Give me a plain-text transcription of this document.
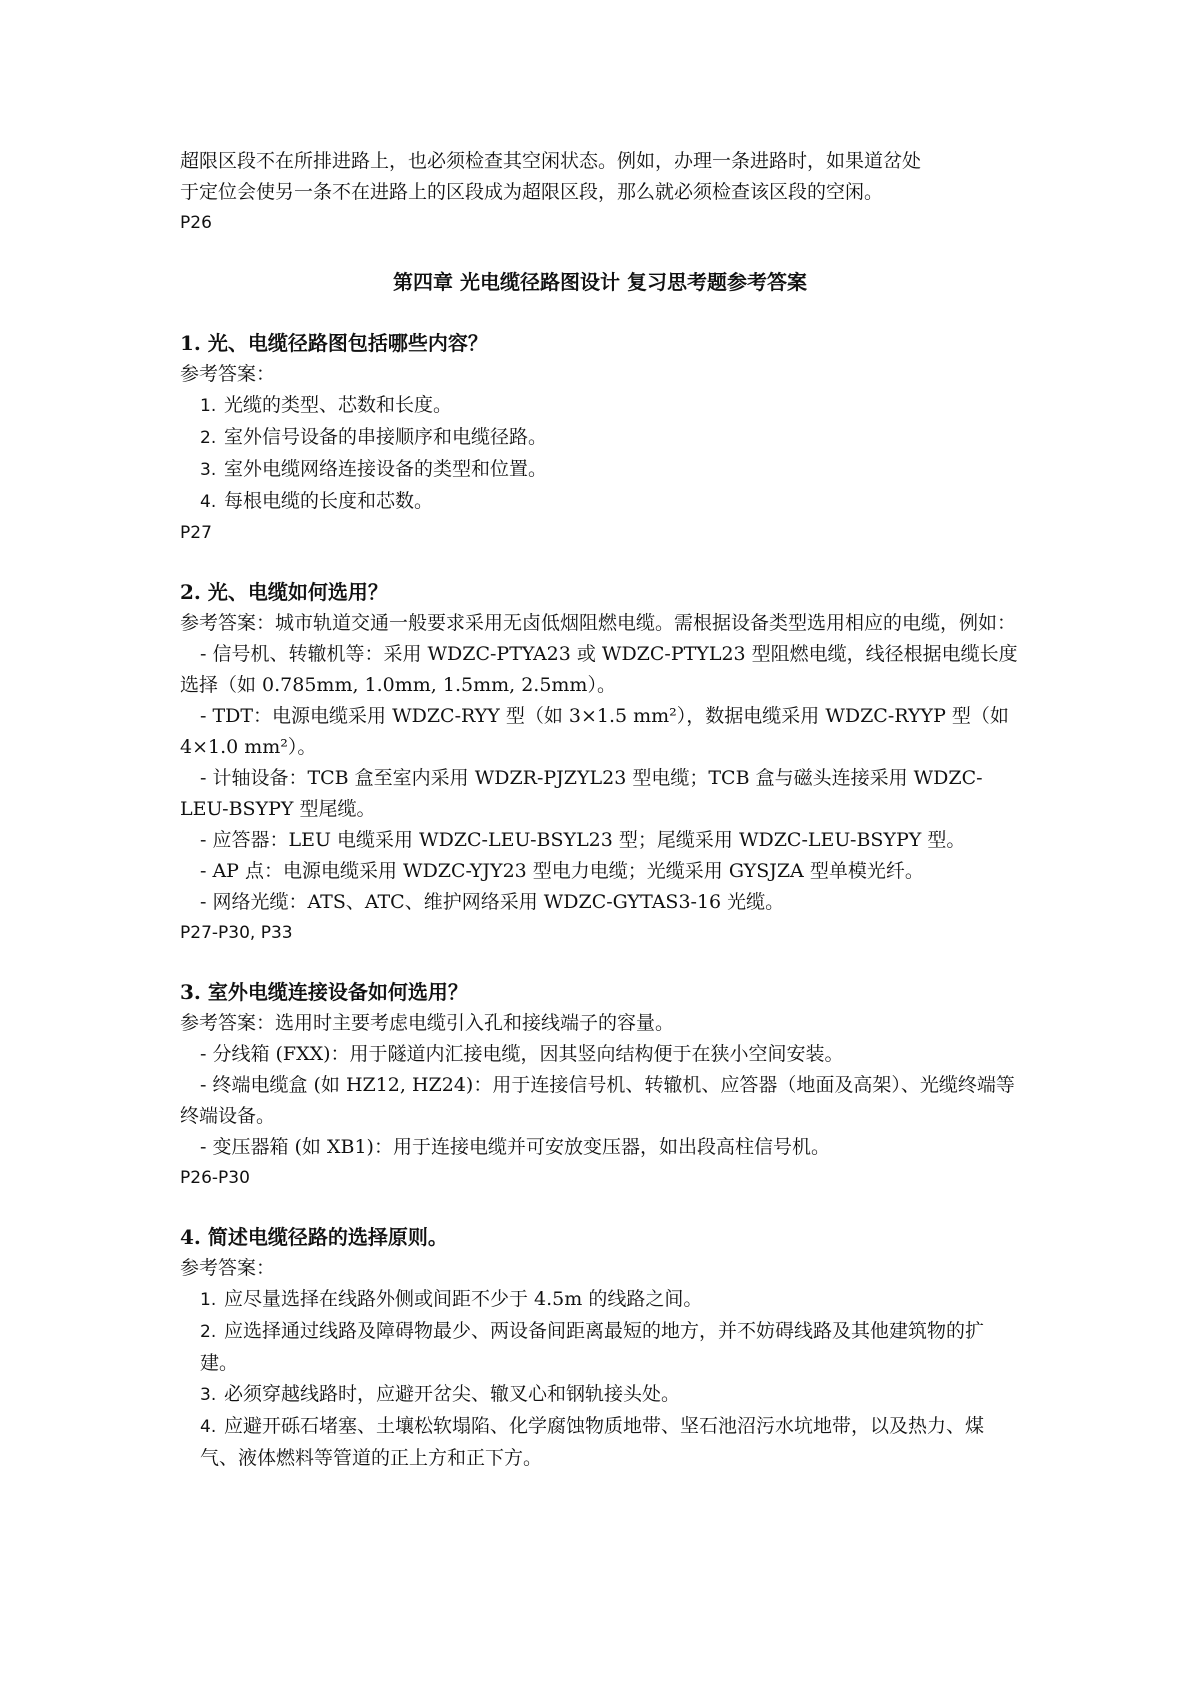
超限区段不在所排进路上，也必须检查其空闲状态。例如，办理一条进路时，如果道岔处

于定位会使另一条不在进路上的区段成为超限区段，那么就必须检查该区段的空闲。

P26

第四章 光电缆径路图设计 复习思考题参考答案

1. 光、电缆径路图包括哪些内容？

参考答案：

1. 光缆的类型、芯数和长度。

2. 室外信号设备的串接顺序和电缆径路。

3. 室外电缆网络连接设备的类型和位置。

4. 每根电缆的长度和芯数。

P27

2. 光、电缆如何选用？

参考答案：城市轨道交通一般要求采用无卤低烟阻燃电缆。需根据设备类型选用相应的电缆，例如：

- 信号机、转辙机等：采用 WDZC-PTYA23 或 WDZC-PTYL23 型阻燃电缆，线径根据电缆长度选择（如 0.785mm, 1.0mm, 1.5mm, 2.5mm）。

- TDT：电源电缆采用 WDZC-RYY 型（如 3×1.5 mm²），数据电缆采用 WDZC-RYYP 型（如 4×1.0 mm²）。

- 计轴设备：TCB 盒至室内采用 WDZR-PJZYL23 型电缆；TCB 盒与磁头连接采用 WDZC-LEU-BSYPY 型尾缆。

- 应答器：LEU 电缆采用 WDZC-LEU-BSYL23 型；尾缆采用 WDZC-LEU-BSYPY 型。

- AP 点：电源电缆采用 WDZC-YJY23 型电力电缆；光缆采用 GYSJZA 型单模光纤。

- 网络光缆：ATS、ATC、维护网络采用 WDZC-GYTAS3-16 光缆。

P27-P30, P33

3. 室外电缆连接设备如何选用？

参考答案：选用时主要考虑电缆引入孔和接线端子的容量。

- 分线箱 (FXX)：用于隧道内汇接电缆，因其竖向结构便于在狭小空间安装。

- 终端电缆盒 (如 HZ12, HZ24)：用于连接信号机、转辙机、应答器（地面及高架）、光缆终端等终端设备。

- 变压器箱 (如 XB1)：用于连接电缆并可安放变压器，如出段高柱信号机。

P26-P30

4. 简述电缆径路的选择原则。

参考答案：

1. 应尽量选择在线路外侧或间距不少于 4.5m 的线路之间。

2. 应选择通过线路及障碍物最少、两设备间距离最短的地方，并不妨碍线路及其他建筑物的扩建。

3. 必须穿越线路时，应避开岔尖、辙叉心和钢轨接头处。

4. 应避开砾石堵塞、土壤松软塌陷、化学腐蚀物质地带、坚石池沼污水坑地带，以及热力、煤气、液体燃料等管道的正上方和正下方。
